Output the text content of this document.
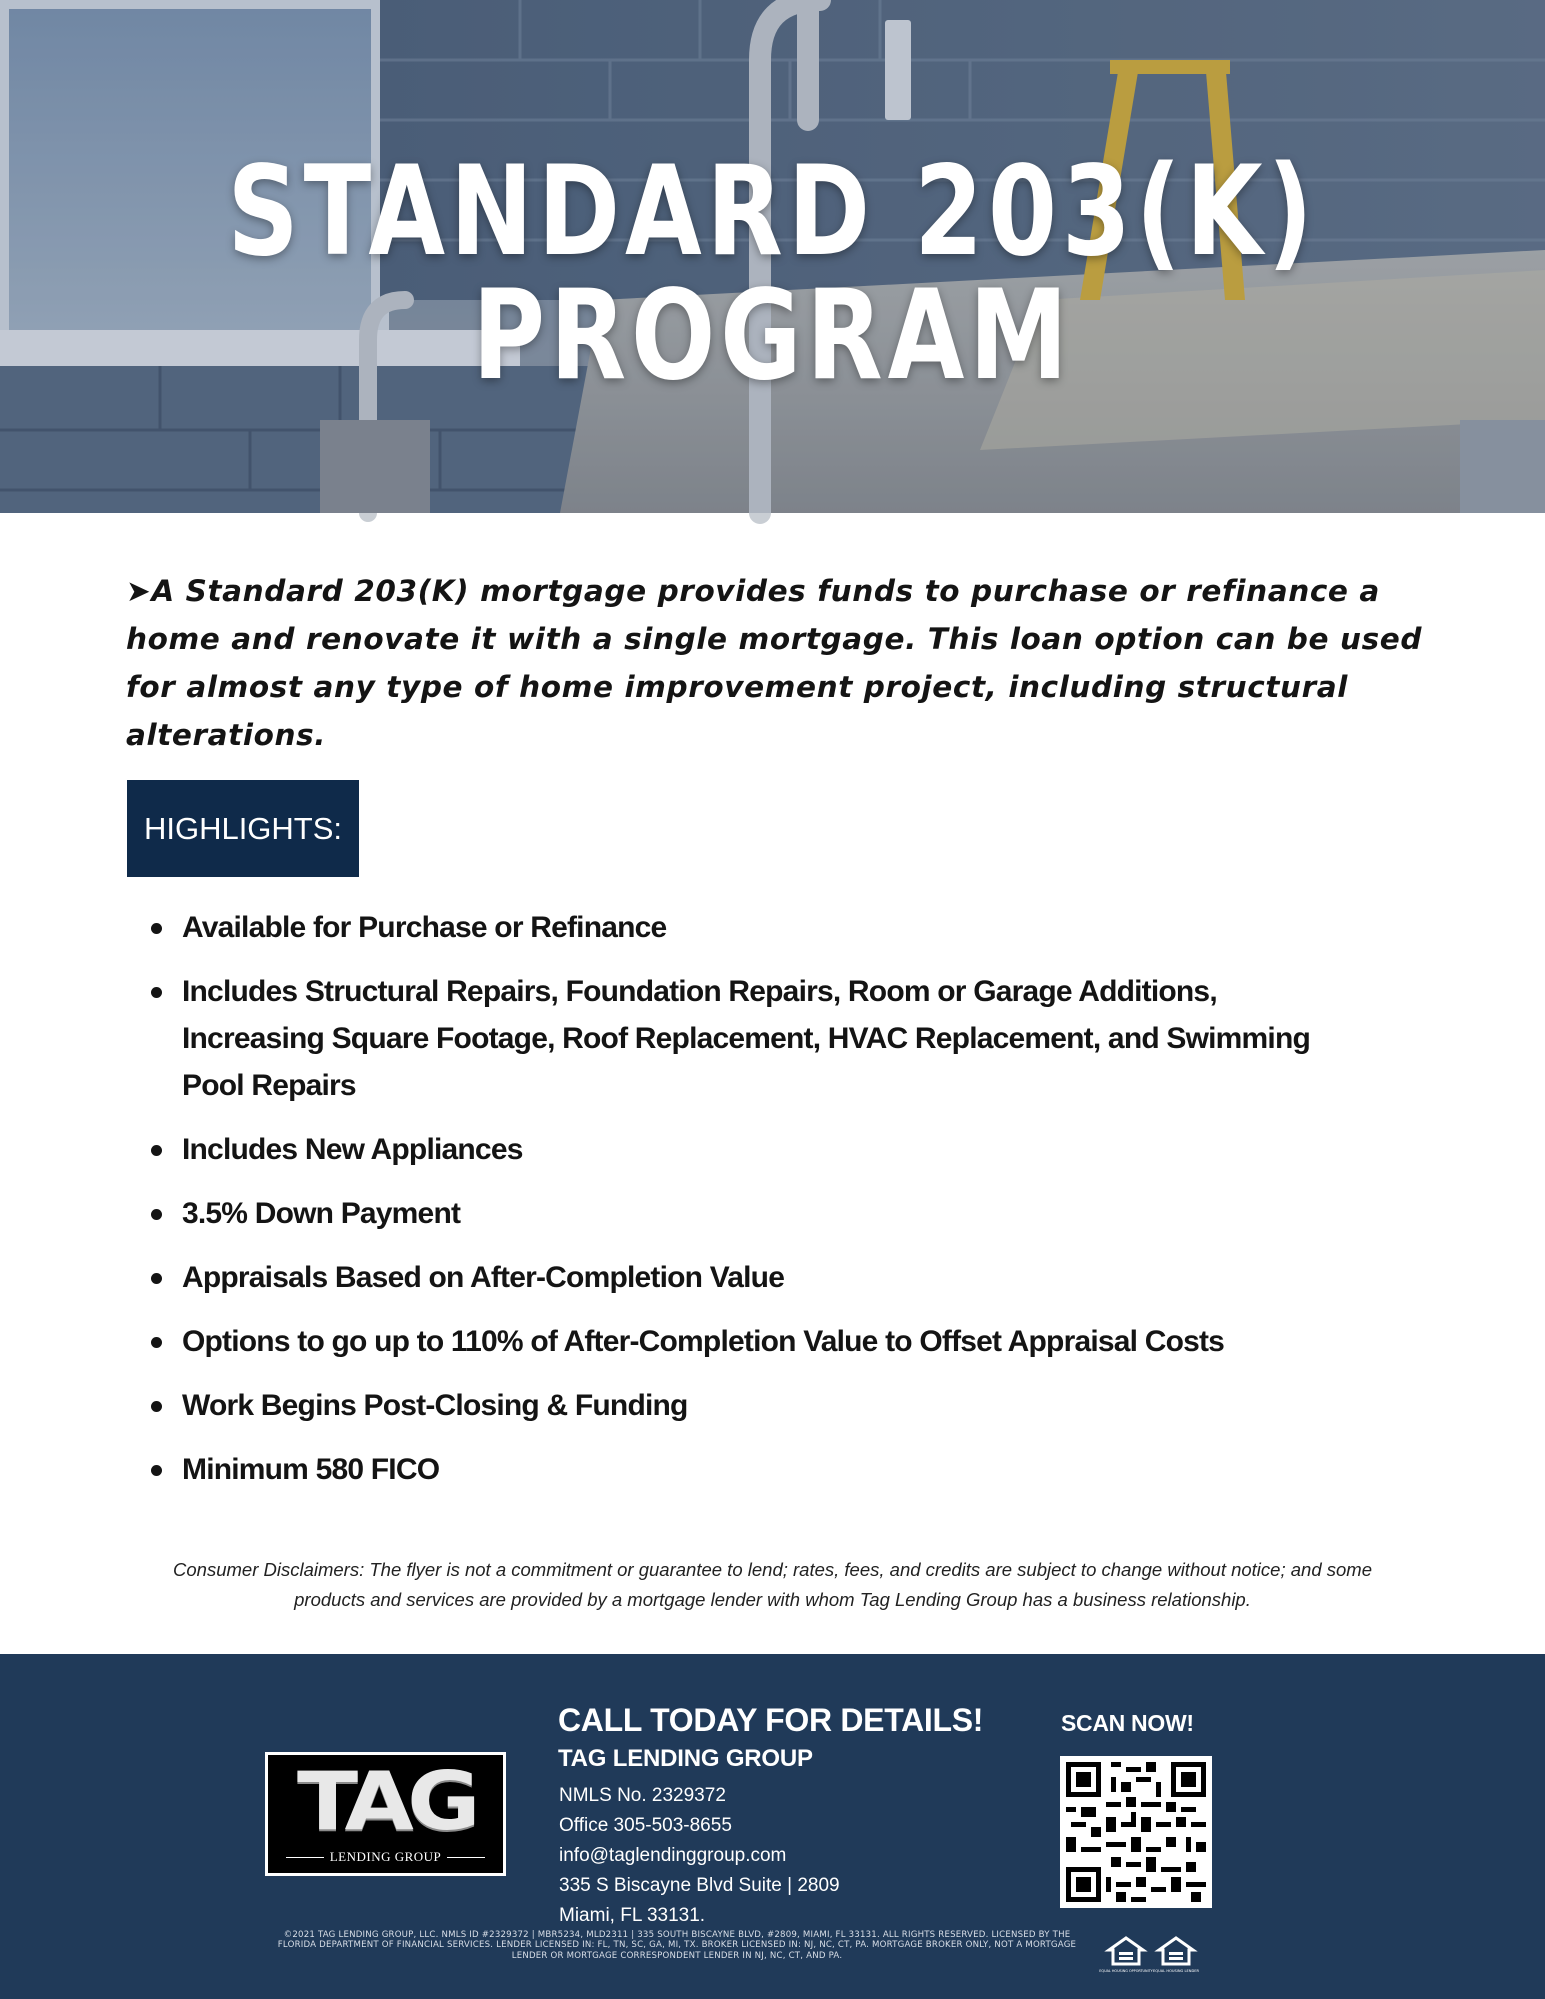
STANDARD 203(K)
PROGRAM

➤A Standard 203(K) mortgage provides funds to purchase or refinance a home and renovate it with a single mortgage. This loan option can be used for almost any type of home improvement project, including structural alterations.

HIGHLIGHTS:
Available for Purchase or Refinance
Includes Structural Repairs, Foundation Repairs, Room or Garage Additions, Increasing Square Footage, Roof Replacement, HVAC Replacement, and Swimming Pool Repairs
Includes New Appliances
3.5% Down Payment
Appraisals Based on After-Completion Value
Options to go up to 110% of After-Completion Value to Offset Appraisal Costs
Work Begins Post-Closing & Funding
Minimum 580 FICO

Consumer Disclaimers: The flyer is not a commitment or guarantee to lend; rates, fees, and credits are subject to change without notice; and some products and services are provided by a mortgage lender with whom Tag Lending Group has a business relationship.

TAG
LENDING GROUP
CALL TODAY FOR DETAILS!
TAG LENDING GROUP
NMLS No. 2329372
Office 305-503-8655
info@taglendinggroup.com
335 S Biscayne Blvd Suite | 2809
Miami, FL 33131.
SCAN NOW!

©2021 TAG LENDING GROUP, LLC. NMLS ID #2329372 | MBR5234, MLD2311 | 335 SOUTH BISCAYNE BLVD, #2809, MIAMI, FL 33131. ALL RIGHTS RESERVED. LICENSED BY THE FLORIDA DEPARTMENT OF FINANCIAL SERVICES. LENDER LICENSED IN: FL, TN, SC, GA, MI, TX. BROKER LICENSED IN: NJ, NC, CT, PA. MORTGAGE BROKER ONLY, NOT A MORTGAGE LENDER OR MORTGAGE CORRESPONDENT LENDER IN NJ, NC, CT, AND PA.

EQUAL HOUSING OPPORTUNITY EQUAL HOUSING LENDER
